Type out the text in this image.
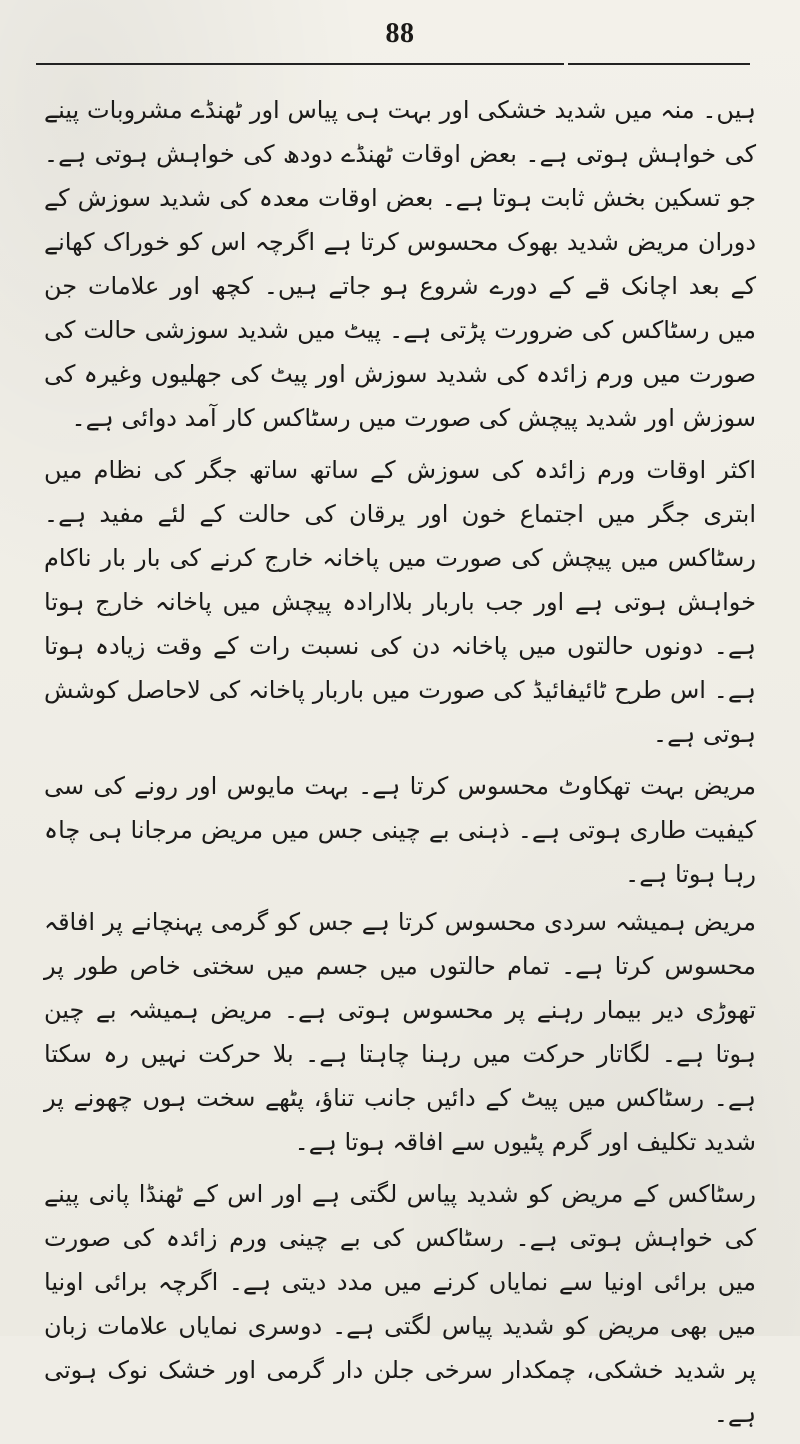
88

ہیں۔ منہ میں شدید خشکی اور بہت ہی پیاس اور ٹھنڈے مشروبات پینے کی خواہش ہوتی ہے۔ بعض اوقات ٹھنڈے دودھ کی خواہش ہوتی ہے۔ جو تسکین بخش ثابت ہوتا ہے۔ بعض اوقات معدہ کی شدید سوزش کے دوران مریض شدید بھوک محسوس کرتا ہے اگرچہ اس کو خوراک کھانے کے بعد اچانک قے کے دورے شروع ہو جاتے ہیں۔ کچھ اور علامات جن میں رسٹاکس کی ضرورت پڑتی ہے۔ پیٹ میں شدید سوزشی حالت کی صورت میں ورم زائدہ کی شدید سوزش اور پیٹ کی جھلیوں وغیرہ کی سوزش اور شدید پیچش کی صورت میں رسٹاکس کار آمد دوائی ہے۔

اکثر اوقات ورم زائدہ کی سوزش کے ساتھ ساتھ جگر کی نظام میں ابتری جگر میں اجتماع خون اور یرقان کی حالت کے لئے مفید ہے۔ رسٹاکس میں پیچش کی صورت میں پاخانہ خارج کرنے کی بار بار ناکام خواہش ہوتی ہے اور جب باربار بلاارادہ پیچش میں پاخانہ خارج ہوتا ہے۔ دونوں حالتوں میں پاخانہ دن کی نسبت رات کے وقت زیادہ ہوتا ہے۔ اس طرح ٹائیفائیڈ کی صورت میں باربار پاخانہ کی لاحاصل کوشش ہوتی ہے۔

مریض بہت تھکاوٹ محسوس کرتا ہے۔ بہت مایوس اور رونے کی سی کیفیت طاری ہوتی ہے۔ ذہنی بے چینی جس میں مریض مرجانا ہی چاہ رہا ہوتا ہے۔

مریض ہمیشہ سردی محسوس کرتا ہے جس کو گرمی پہنچانے پر افاقہ محسوس کرتا ہے۔ تمام حالتوں میں جسم میں سختی خاص طور پر تھوڑی دیر بیمار رہنے پر محسوس ہوتی ہے۔ مریض ہمیشہ بے چین ہوتا ہے۔ لگاتار حرکت میں رہنا چاہتا ہے۔ بلا حرکت نہیں رہ سکتا ہے۔ رسٹاکس میں پیٹ کے دائیں جانب تناؤ، پٹھے سخت ہوں چھونے پر شدید تکلیف اور گرم پٹیوں سے افاقہ ہوتا ہے۔

رسٹاکس کے مریض کو شدید پیاس لگتی ہے اور اس کے ٹھنڈا پانی پینے کی خواہش ہوتی ہے۔ رسٹاکس کی بے چینی ورم زائدہ کی صورت میں برائی اونیا سے نمایاں کرنے میں مدد دیتی ہے۔ اگرچہ برائی اونیا میں بھی مریض کو شدید پیاس لگتی ہے۔ دوسری نمایاں علامات زبان پر شدید خشکی، چمکدار سرخی جلن دار گرمی اور خشک نوک ہوتی ہے۔
